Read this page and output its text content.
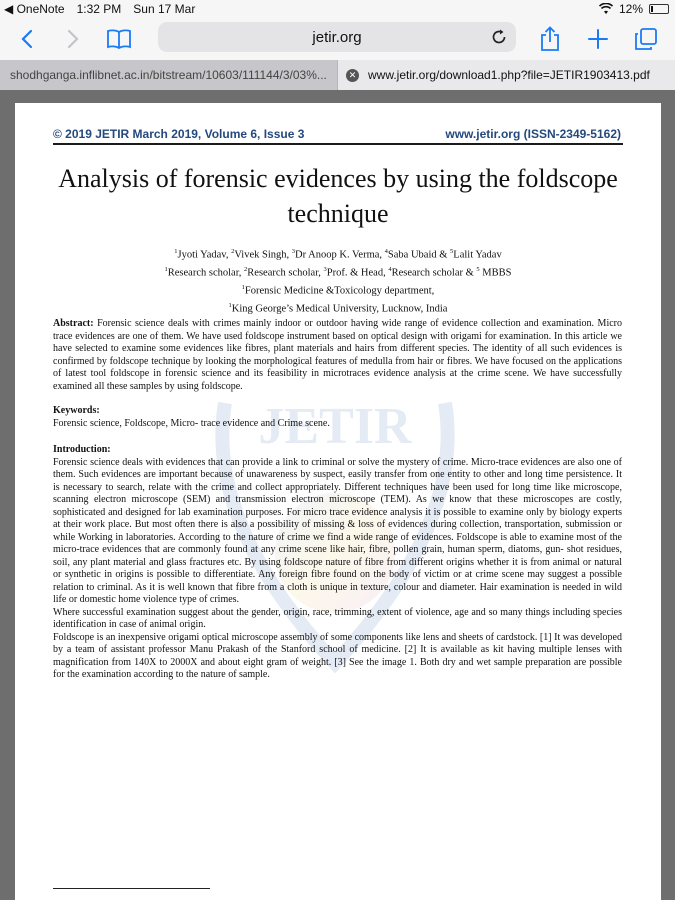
◀ OneNote 1:32 PM Sun 17 Mar	12%
jetir.org
shodhganga.inflibnet.ac.in/bitstream/10603/111144/3/03%...	✕ www.jetir.org/download1.php?file=JETIR1903413.pdf
JETIR
© 2019 JETIR March 2019, Volume 6, Issue 3	www.jetir.org (ISSN-2349-5162)
Analysis of forensic evidences by using the foldscope technique
$^1$Jyoti Yadav, $^2$Vivek Singh, $^3$Dr Anoop K. Verma, $^4$Saba Ubaid & $^5$Lalit Yadav
$^1$Research scholar, $^2$Research scholar, $^3$Prof. & Head, $^4$Research scholar & $^5$ MBBS
$^1$Forensic Medicine &Toxicology department,
$^1$King George’s Medical University, Lucknow, India
Abstract: Forensic science deals with crimes mainly indoor or outdoor having wide range of evidence collection and examination. Micro trace evidences are one of them. We have used foldscope instrument based on optical design with origami for examination. In this article we have selected to examine some evidences like fibres, plant materials and hairs from different species. The identity of all such evidences is confirmed by foldscope technique by looking the morphological features of medulla from hair or fibres. We have focused on the applications of latest tool foldscope in forensic science and its feasibility in microtraces evidence analysis at the crime scene. We have successfully examined all these samples by using foldscope.
Keywords:
Forensic science, Foldscope, Micro- trace evidence and Crime scene.
Introduction:
Forensic science deals with evidences that can provide a link to criminal or solve the mystery of crime. Micro-trace evidences are also one of them. Such evidences are important because of unawareness by suspect, easily transfer from one entity to other and long time persistence. It is necessary to search, relate with the crime and collect appropriately. Different techniques have been used for long time like microscope, scanning electron microscope (SEM) and transmission electron microscope (TEM). As we know that these microscopes are costly, sophisticated and designed for lab examination purposes. For micro trace evidence analysis it is possible to examine only by biology experts at their work place. But most often there is also a possibility of missing & loss of evidences during collection, transportation, submission or while Working in laboratories. According to the nature of crime we find a wide range of evidences. Foldscope is able to examine most of the micro-trace evidences that are commonly found at any crime scene like hair, fibre, pollen grain, human sperm, diatoms, gun- shot residues, soil, any plant material and glass fractures etc. By using foldscope nature of fibre from different origins whether it is from animal or natural or synthetic in origins is possible to differentiate. Any foreign fibre found on the body of victim or at crime scene may suggest a possible relation to criminal. As it is well known that fibre from a cloth is unique in texture, colour and diameter. Hair examination is needed in wild life or domestic home violence type of crimes.
Where successful examination suggest about the gender, origin, race, trimming, extent of violence, age and so many things including species identification in case of animal origin.
Foldscope is an inexpensive origami optical microscope assembly of some components like lens and sheets of cardstock. [1] It was developed by a team of assistant professor Manu Prakash of the Stanford school of medicine. [2] It is available as kit having multiple lenses with magnification from 140X to 2000X and about eight gram of weight. [3] See the image 1. Both dry and wet sample preparation are possible for the examination according to the nature of sample.
